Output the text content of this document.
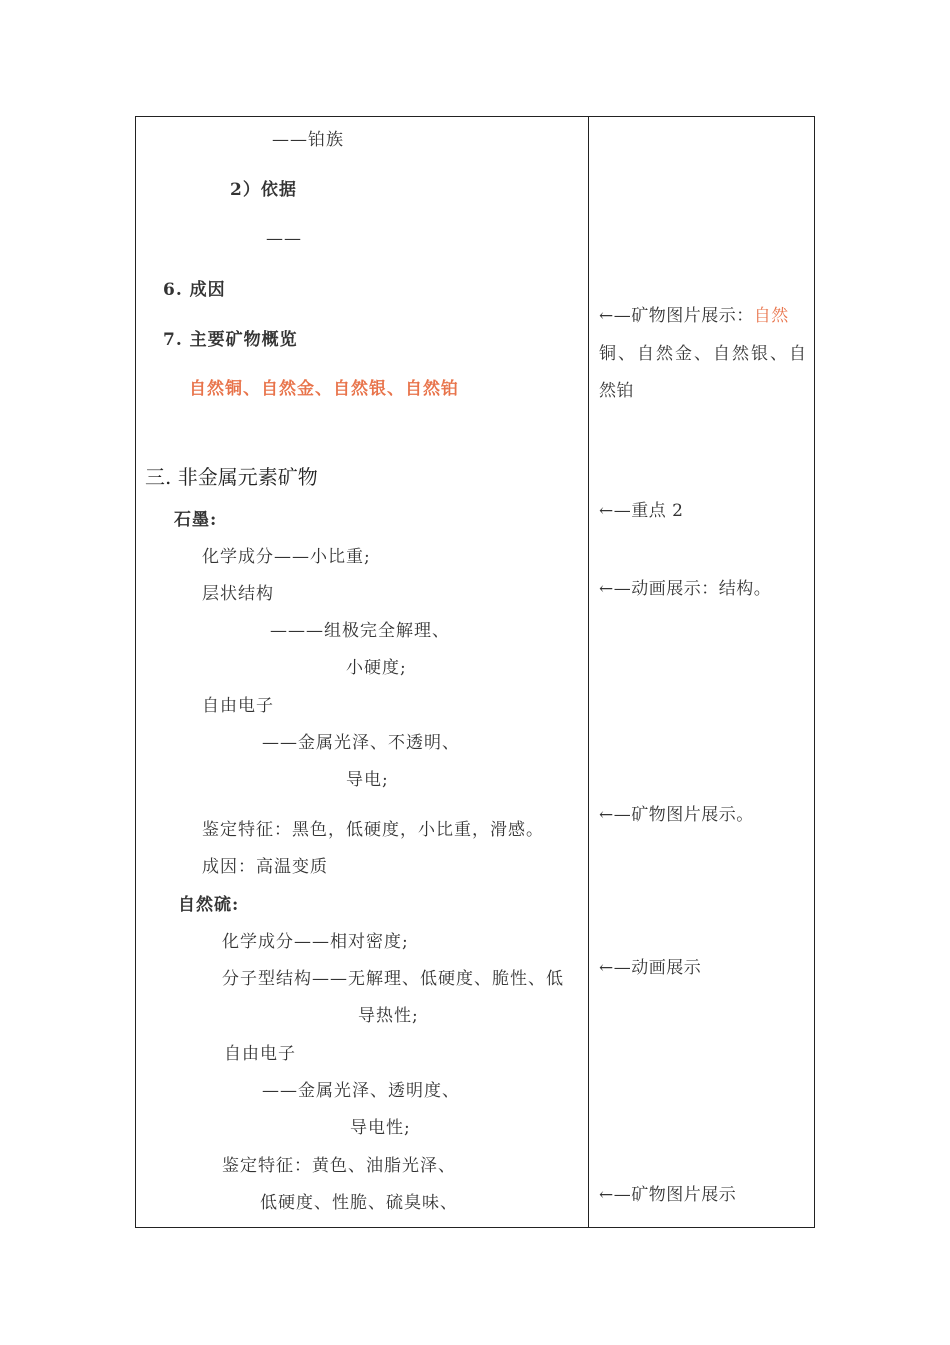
——铂族
2）依据
——
6. 成因
7. 主要矿物概览
自然铜、自然金、自然银、自然铂
三. 非金属元素矿物
石墨:
化学成分——小比重;
层状结构
———组极完全解理、
小硬度;
自由电子
——金属光泽、不透明、
导电;
鉴定特征：黑色，低硬度，小比重，滑感。
成因：高温变质
自然硫:
化学成分——相对密度;
分子型结构——无解理、低硬度、脆性、低
导热性;
自由电子
——金属光泽、透明度、
导电性;
鉴定特征：黄色、油脂光泽、
低硬度、性脆、硫臭味、
←—矿物图片展示：自然
铜、自然金、自然银、自
然铂
←—重点 2
←—动画展示：结构。
←—矿物图片展示。
←—动画展示
←—矿物图片展示
